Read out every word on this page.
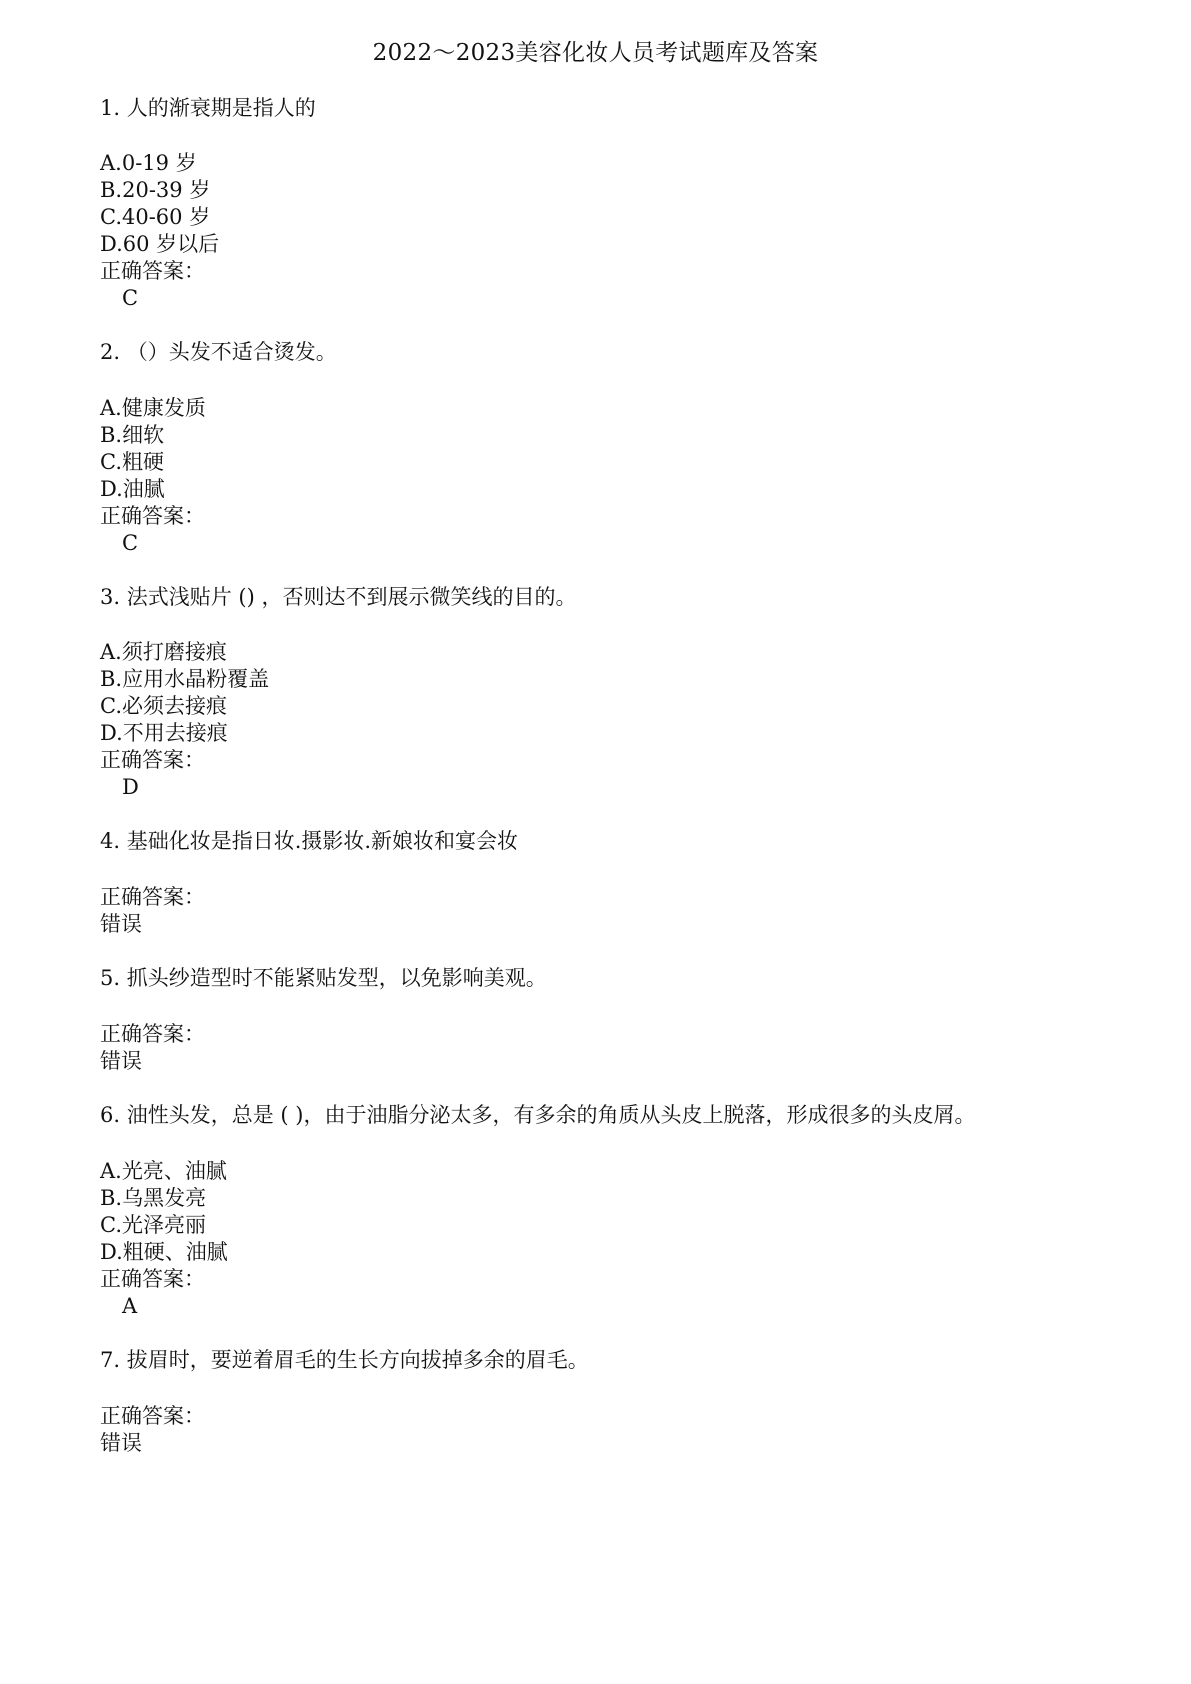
2022～2023美容化妆人员考试题库及答案
1. 人的渐衰期是指人的
A.0-19 岁
B.20-39 岁
C.40-60 岁
D.60 岁以后
正确答案：
C
2. （）头发不适合烫发。
A.健康发质
B.细软
C.粗硬
D.油腻
正确答案：
C
3. 法式浅贴片 () ，否则达不到展示微笑线的目的。
A.须打磨接痕
B.应用水晶粉覆盖
C.必须去接痕
D.不用去接痕
正确答案：
D
4. 基础化妆是指日妆.摄影妆.新娘妆和宴会妆
正确答案：
错误
5. 抓头纱造型时不能紧贴发型，以免影响美观。
正确答案：
错误
6. 油性头发，总是 ( )，由于油脂分泌太多，有多余的角质从头皮上脱落，形成很多的头皮屑。
A.光亮、油腻
B.乌黑发亮
C.光泽亮丽
D.粗硬、油腻
正确答案：
A
7. 拔眉时，要逆着眉毛的生长方向拔掉多余的眉毛。
正确答案：
错误
